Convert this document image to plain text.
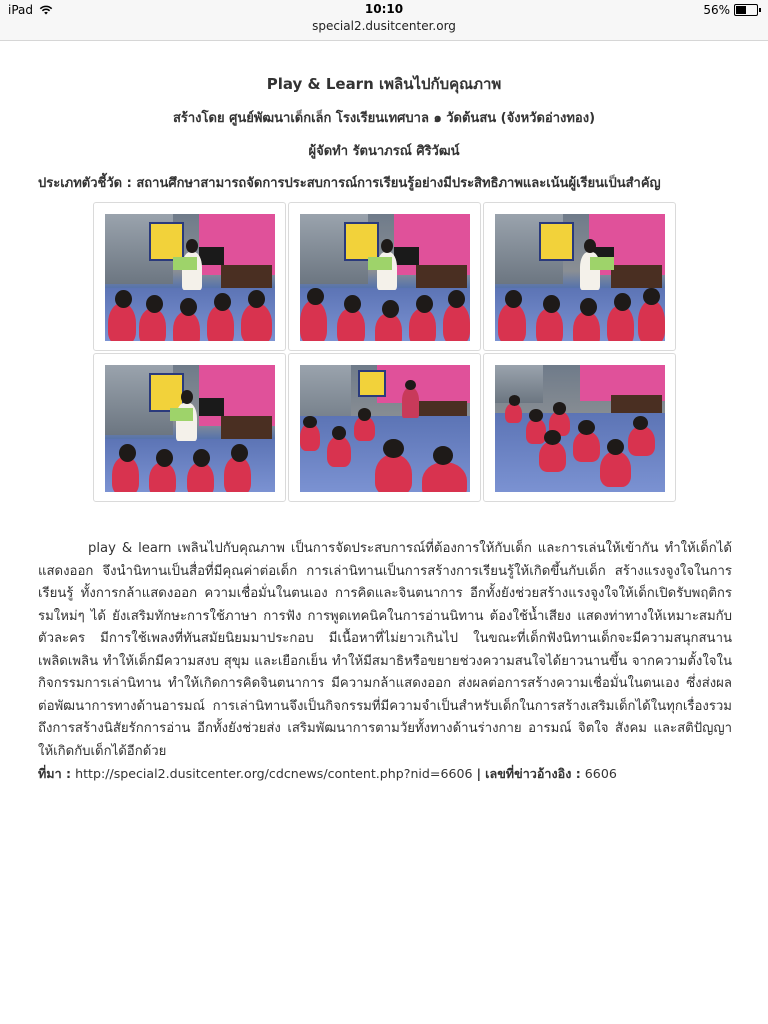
iPad	10:10
special2.dusitcenter.org
56%
Play & Learn เพลินไปกับคุณภาพ
สร้างโดย ศูนย์พัฒนาเด็กเล็ก โรงเรียนเทศบาล ๑ วัดต้นสน (จังหวัดอ่างทอง)
ผู้จัดทำ รัตนาภรณ์ ศิริวัฒน์
ประเภทตัวชี้วัด : สถานศึกษาสามารถจัดการประสบการณ์การเรียนรู้อย่างมีประสิทธิภาพและเน้นผู้เรียนเป็นสำคัญ
play & learn เพลินไปกับคุณภาพ เป็นการจัดประสบการณ์ที่ต้องการให้กับเด็ก และการเล่นให้เข้ากัน ทำให้เด็กได้แสดงออก จึงนำนิทานเป็นสื่อที่มีคุณค่าต่อเด็ก การเล่านิทานเป็นการสร้างการเรียนรู้ให้เกิดขึ้นกับเด็ก สร้างแรงจูงใจในการเรียนรู้ ทั้งการกล้าแสดงออก ความเชื่อมั่นในตนเอง การคิดและจินตนาการ อีกทั้งยังช่วยสร้างแรงจูงใจให้เด็กเปิดรับพฤติกรรมใหม่ๆ ได้ ยังเสริมทักษะการใช้ภาษา การฟัง การพูดเทคนิคในการอ่านนิทาน ต้องใช้น้ำเสียง แสดงท่าทางให้เหมาะสมกับตัวละคร มีการใช้เพลงที่ทันสมัยนิยมมาประกอบ มีเนื้อหาที่ไม่ยาวเกินไป ในขณะที่เด็กฟังนิทานเด็กจะมีความสนุกสนานเพลิดเพลิน ทำให้เด็กมีความสงบ สุขุม และเยือกเย็น ทำให้มีสมาธิหรือขยายช่วงความสนใจได้ยาวนานขึ้น จากความตั้งใจในกิจกรรมการเล่านิทาน ทำให้เกิดการคิดจินตนาการ มีความกล้าแสดงออก ส่งผลต่อการสร้างความเชื่อมั่นในตนเอง ซึ่งส่งผลต่อพัฒนาการทางด้านอารมณ์ การเล่านิทานจึงเป็นกิจกรรมที่มีความจำเป็นสำหรับเด็กในการสร้างเสริมเด็กได้ในทุกเรื่องรวมถึงการสร้างนิสัยรักการอ่าน อีกทั้งยังช่วยส่ง เสริมพัฒนาการตามวัยทั้งทางด้านร่างกาย อารมณ์ จิตใจ สังคม และสติปัญญาให้เกิดกับเด็กได้อีกด้วย
ที่มา : http://special2.dusitcenter.org/cdcnews/content.php?nid=6606 | เลขที่ข่าวอ้างอิง : 6606
